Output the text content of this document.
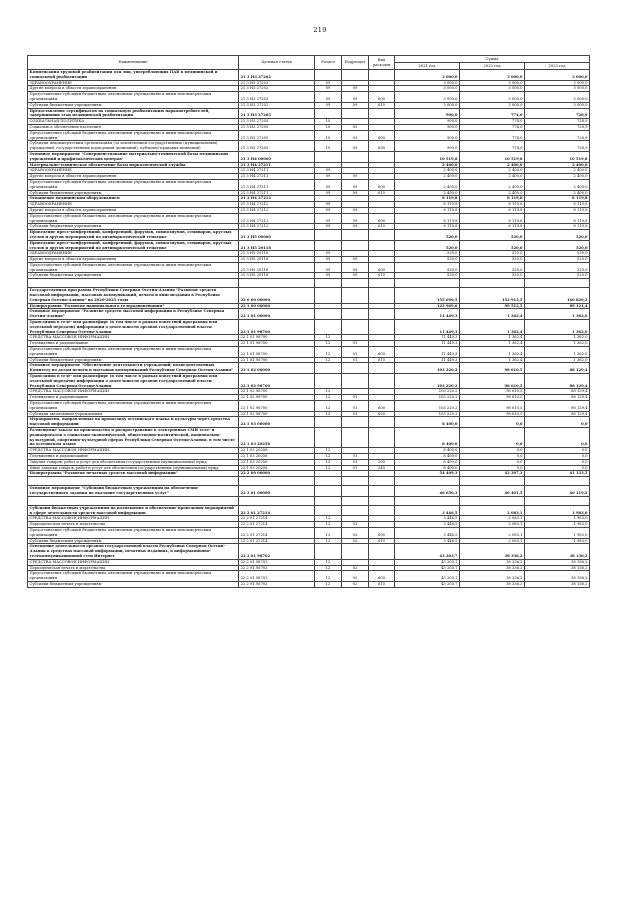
219
Наименование	Целевая статья	Раздел	Подраздел	Вид расходов	Сумма		
					2021 год	2022 год	2023 год
Компенсация трудовой реабилитации для лиц, употребляющих ПАВ в медицинской и социальной реабилитации	21 3 Н3 27202				3 000,0	3 000,0	3 000,0
ЗДРАВООХРАНЕНИЕ	21 3 Н3 27202	09			3 000,0	3 000,0	3 000,0
Другие вопросы в области здравоохранения	21 3 Н3 27202	09	09		3 000,0	3 000,0	3 000,0
Предоставление субсидий бюджетным, автономным учреждениям и иным некоммерческим организациям	21 3 Н3 27202	09	09	600	3 000,0	3 000,0	3 000,0
Субсидии бюджетным учреждениям	21 3 Н3 27202	09	09	610	3 000,0	3 000,0	3 000,0
Предоставление сертификатов на социальную реабилитацию наркопотребителей, завершивших этап медицинской реабилитации	21 3 Н3 27205				900,0	774,0	728,9
СОЦИАЛЬНАЯ ПОЛИТИКА	21 3 Н3 27205	10			900,0	774,0	728,9
Социальное обеспечение населения	21 3 Н3 27205	10	03		900,0	774,0	728,9
Предоставление субсидий бюджетным, автономным учреждениям и иным некоммерческим организациям	21 3 Н3 27205	10	03	600	900,0	774,0	728,9
Субсидии некоммерческим организациям (за исключением государственных (муниципальных) учреждений, государственных корпораций (компаний), публично-правовых компаний)	21 3 Н3 27205	10	03	630	900,0	774,0	728,9
Основное мероприятие "Совершенствование материально-технической базы медицинских учреждений и профилактических центров"	21 3 Н4 00000				10 519,8	10 519,8	10 519,8
Материально-техническое обеспечение базы наркологической службы	21 3 Н4 27211				2 400,0	2 400,0	2 400,0
ЗДРАВООХРАНЕНИЕ	21 3 Н4 27211	09			2 400,0	2 400,0	2 400,0
Другие вопросы в области здравоохранения	21 3 Н4 27211	09	09		2 400,0	2 400,0	2 400,0
Предоставление субсидий бюджетным, автономным учреждениям и иным некоммерческим организациям	21 3 Н4 27211	09	09	600	2 400,0	2 400,0	2 400,0
Субсидии бюджетным учреждениям	21 3 Н4 27211	09	09	610	2 400,0	2 400,0	2 400,0
Оснащение медицинским оборудованием	21 3 Н4 27212				8 119,8	8 119,8	8 119,8
ЗДРАВООХРАНЕНИЕ	21 3 Н4 27212	09			8 119,8	8 119,8	8 119,8
Другие вопросы в области здравоохранения	21 3 Н4 27212	09	09		8 119,8	8 119,8	8 119,8
Предоставление субсидий бюджетным, автономным учреждениям и иным некоммерческим организациям	21 3 Н4 27212	09	09	600	8 119,8	8 119,8	8 119,8
Субсидии бюджетным учреждениям	21 3 Н4 27212	09	09	610	8 119,8	8 119,8	8 119,8
Проведение пресс-конференций, конференций, форумов, симпозиумов, семинаров, круглых столов и других мероприятий по антинаркотической тематике	21 3 Н5 00000				520,0	520,0	520,0
Проведение пресс-конференций, конференций, форумов, симпозиумов, семинаров, круглых столов и других мероприятий по антинаркотической тематике	21 3 Н5 20118				520,0	520,0	520,0
ЗДРАВООХРАНЕНИЕ	21 3 Н5 20118	09			520,0	520,0	520,0
Другие вопросы в области здравоохранения	21 3 Н5 20118	09	09		520,0	520,0	520,0
Предоставление субсидий бюджетным, автономным учреждениям и иным некоммерческим организациям	21 3 Н5 20118	09	09	600	520,0	520,0	520,0
Субсидии бюджетным учреждениям	21 3 Н5 20118	09	09	610	520,0	520,0	520,0

Государственная программа Республики Северная Осетия-Алания "Развитие средств массовой информации, массовых коммуникаций, печати и книгоиздания в Республике Северная Осетия-Алания" на 2020-2025 годы	22 0 00 00000				155 690,5	152 912,5	140 820,2
Подпрограмма "Развитие национального телерадиовещания"	22 1 00 00000				123 969,6	99 512,5	89 121,4
Основное мероприятие "Развитие средств массовой информации в Республике Северная Осетия-Алания"	22 1 01 00000				11 449,3	1 362,4	1 362,0
Трансляция в теле- или радиоэфире (в том числе в рамках известной программы или отдельной передачи) информации о деятельности органов государственной власти Республики Северная Осетия-Алания	22 1 01 98700				11 449,3	1 362,4	1 362,0
СРЕДСТВА МАССОВОЙ ИНФОРМАЦИИ	22 1 01 98700	12			11 449,3	1 362,4	1 362,0
Телевидение и радиовещание	22 1 01 98700	12	01		11 449,3	1 362,4	1 362,0
Предоставление субсидий бюджетным, автономным учреждениям и иным некоммерческим организациям	22 1 01 98700	12	01	600	11 449,3	1 362,4	1 362,0
Субсидии бюджетным учреждениям	22 1 01 98700	12	01	610	11 449,3	1 362,4	1 362,0
Основное мероприятие "Обеспечение деятельности учреждений, подведомственных Комитету по делам печати и массовых коммуникаций Республики Северная Осетия-Алания"	22 1 02 00000				103 220,2	98 610,5	88 129,4
Трансляция в теле- или радиоэфире (в том числе в рамках известной программы или отдельной передачи) информации о деятельности органов государственной власти Республики Северная Осетия-Алания	22 1 02 98700				103 220,2	98 610,5	88 129,4
СРЕДСТВА МАССОВОЙ ИНФОРМАЦИИ	22 1 02 98700	12			103 220,2	98 610,5	88 129,4
Телевидение и радиовещание	22 1 02 98700	12	01		103 220,2	98 610,5	88 129,4
Предоставление субсидий бюджетным, автономным учреждениям и иным некоммерческим организациям	22 1 02 98700	12	01	600	103 220,2	98 610,5	88 129,4
Субсидии автономным учреждениям	22 1 02 98700	12	01	620	103 220,2	98 610,5	88 129,4
Мероприятия, направленные на пропаганду осетинского языка и культуры через средства массовой информации	22 1 03 00000				8 400,0	0,0	0,0
Размещение заказа на производство и распространение в электронных СМИ теле- и радиопроектов о социально-экономической, общественно-политической, национально-культурной, спортивно-культурной сферах Республики Северная Осетия-Алания, в том числе на осетинском языке	22 1 03 20256				8 400,0	0,0	0,0
СРЕДСТВА МАССОВОЙ ИНФОРМАЦИИ	22 1 03 20256	12			8 400,0	0,0	0,0
Телевидение и радиовещание	22 1 03 20256	12	01		8 400,0	0,0	0,0
Закупка товаров, работ и услуг для обеспечения государственных (муниципальных) нужд	22 1 03 20256	12	01	200	8 400,0	0,0	0,0
Иные закупки товаров, работ и услуг для обеспечения государственных (муниципальных) нужд	22 1 03 20256	12	01	240	8 400,0	0,0	0,0
Подпрограмма "Развитие печатных средств массовой информации"	22 2 00 00000				54 409,3	42 307,3	41 133,5

Основное мероприятие "Субсидии бюджетным учреждениям на обеспечение государственного задания на оказание государственных услуг"	22 2 01 00000				46 650,1	40 401,5	40 119,2

Субсидии бюджетным учреждениям на возмещение и обеспечение проведения мероприятий в сфере деятельности средств массовой информации	22 2 01 27214				3 446,5	2 083,1	1 983,0
СРЕДСТВА МАССОВОЙ ИНФОРМАЦИИ	22 2 01 27214	12			3 446,5	2 083,1	1 983,0
Периодическая печать и издательства	22 2 01 27214	12	02		3 446,5	2 083,1	1 983,0
Предоставление субсидий бюджетным, автономным учреждениям и иным некоммерческим организациям	22 2 01 27214	12	02	600	3 446,5	2 083,1	1 983,0
Субсидии бюджетным учреждениям	22 2 01 27214	12	02	610	3 446,5	2 083,1	1 983,0
Освещение деятельности органов государственной власти Республики Северная Осетия-Алания в средствах массовой информации, печатных изданиях, в информационно-телекоммуникационной сети Интернет	22 2 01 98702				43 203,7	38 336,2	38 136,2
СРЕДСТВА МАССОВОЙ ИНФОРМАЦИИ	22 2 01 98702	12			43 203,7	38 336,2	38 136,2
Периодическая печать и издательства	22 2 01 98702	12	02		43 203,7	38 336,2	38 136,2
Предоставление субсидий бюджетным, автономным учреждениям и иным некоммерческим организациям	22 2 01 98702	12	02	600	43 203,7	38 336,2	38 136,2
Субсидии бюджетным учреждениям	22 2 01 98702	12	02	610	43 203,7	38 336,2	38 136,2
